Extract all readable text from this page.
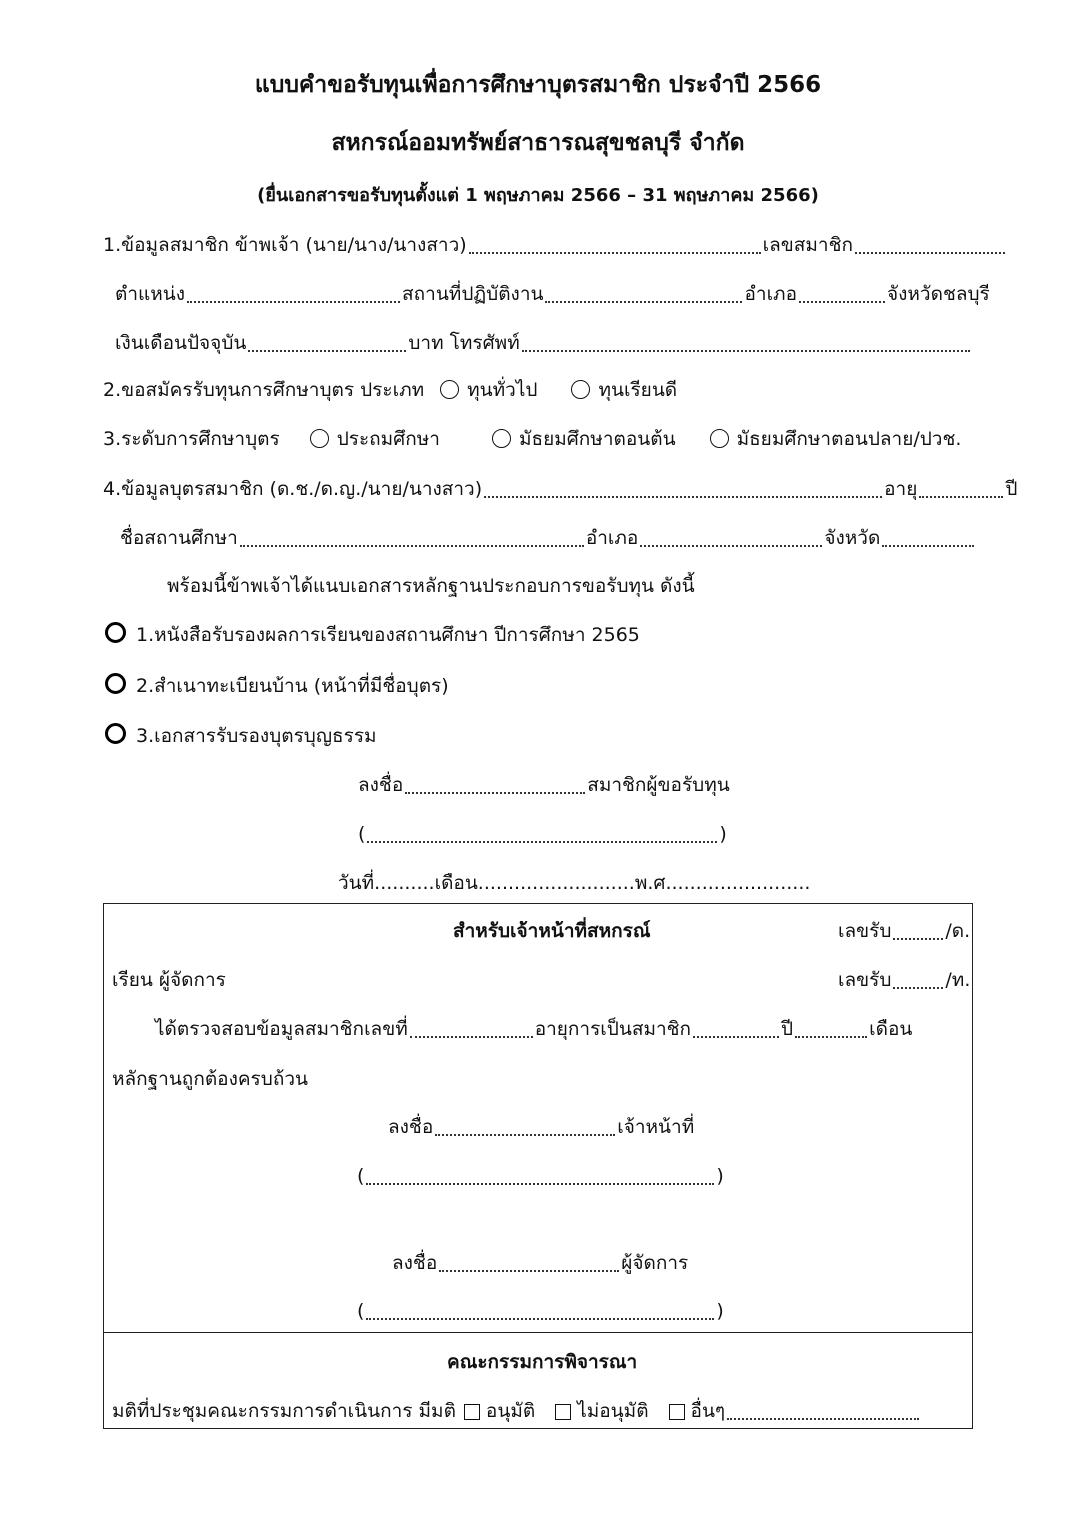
แบบคำขอรับทุนเพื่อการศึกษาบุตรสมาชิก ประจำปี 2566
สหกรณ์ออมทรัพย์สาธารณสุขชลบุรี จำกัด
(ยื่นเอกสารขอรับทุนตั้งแต่ 1 พฤษภาคม 2566 – 31 พฤษภาคม 2566)
1.ข้อมูลสมาชิก ข้าพเจ้า (นาย/นาง/นางสาว)	เลขสมาชิก
ตำแหน่ง	สถานที่ปฏิบัติงาน	อำเภอ	จังหวัดชลบุรี
เงินเดือนปัจจุบัน	บาท โทรศัพท์
2.ขอสมัครรับทุนการศึกษาบุตร ประเภท ทุนทั่วไป	ทุนเรียนดี
3.ระดับการศึกษาบุตร	ประถมศึกษา	มัธยมศึกษาตอนต้น	มัธยมศึกษาตอนปลาย/ปวช.
4.ข้อมูลบุตรสมาชิก (ด.ช./ด.ญ./นาย/นางสาว)	อายุ	ปี
ชื่อสถานศึกษา	อำเภอ	จังหวัด
พร้อมนี้ข้าพเจ้าได้แนบเอกสารหลักฐานประกอบการขอรับทุน ดังนี้
1.หนังสือรับรองผลการเรียนของสถานศึกษา ปีการศึกษา 2565
2.สำเนาทะเบียนบ้าน (หน้าที่มีชื่อบุตร)
3.เอกสารรับรองบุตรบุญธรรม
ลงชื่อ	สมาชิกผู้ขอรับทุน
(	)
วันที่..........เดือน..........................พ.ศ........................
สำหรับเจ้าหน้าที่สหกรณ์	เลขรับ	/ด.
เรียน ผู้จัดการ	เลขรับ	/ท.
ได้ตรวจสอบข้อมูลสมาชิกเลขที่	อายุการเป็นสมาชิก	ปี	เดือน
หลักฐานถูกต้องครบถ้วน
ลงชื่อ	เจ้าหน้าที่
(	)
ลงชื่อ	ผู้จัดการ
(	)
คณะกรรมการพิจารณา
มติที่ประชุมคณะกรรมการดำเนินการ มีมติ อนุมัติ ไม่อนุมัติ อื่นๆ
